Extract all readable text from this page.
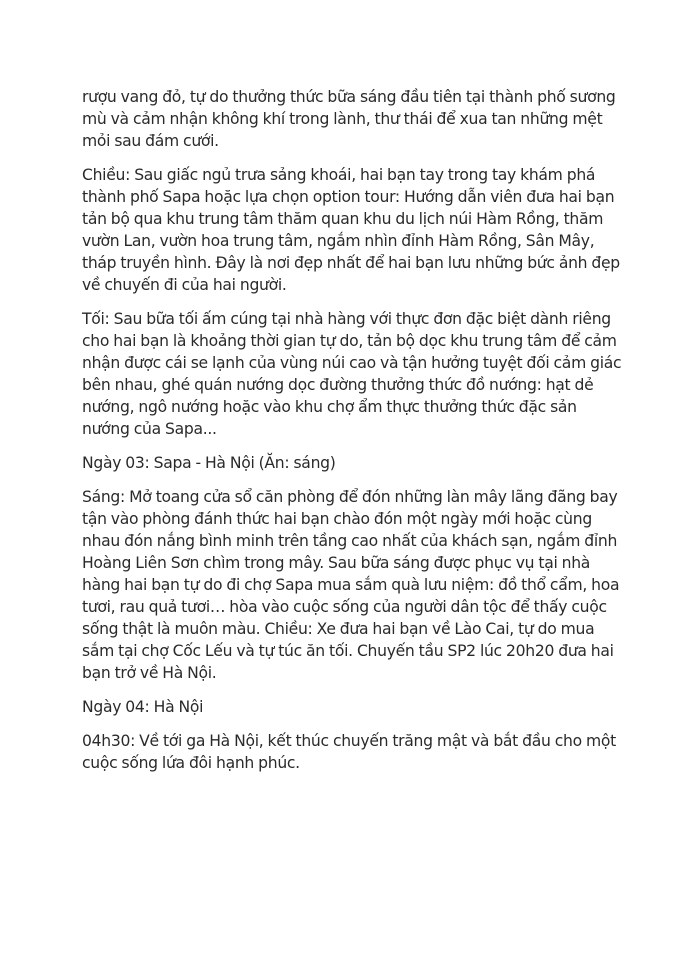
rượu vang đỏ, tự do thưởng thức bữa sáng đầu tiên tại thành phố sương mù và cảm nhận không khí trong lành, thư thái để xua tan những mệt mỏi sau đám cưới.

Chiều: Sau giấc ngủ trưa sảng khoái, hai bạn tay trong tay khám phá thành phố Sapa hoặc lựa chọn option tour: Hướng dẫn viên đưa hai bạn tản bộ qua khu trung tâm thăm quan khu du lịch núi Hàm Rồng, thăm vườn Lan, vườn hoa trung tâm, ngắm nhìn đỉnh Hàm Rồng, Sân Mây, tháp truyền hình. Đây là nơi đẹp nhất để hai bạn lưu những bức ảnh đẹp về chuyến đi của hai người.

Tối: Sau bữa tối ấm cúng tại nhà hàng với thực đơn đặc biệt dành riêng cho hai bạn là khoảng thời gian tự do, tản bộ dọc khu trung tâm để cảm nhận được cái se lạnh của vùng núi cao và tận hưởng tuyệt đối cảm giác bên nhau, ghé quán nướng dọc đường thưởng thức đồ nướng: hạt dẻ nướng, ngô nướng hoặc vào khu chợ ẩm thực thưởng thức đặc sản nướng của Sapa...

Ngày 03: Sapa - Hà Nội (Ăn: sáng)

Sáng: Mở toang cửa sổ căn phòng để đón những làn mây lãng đãng bay tận vào phòng đánh thức hai bạn chào đón một ngày mới hoặc cùng nhau đón nắng bình minh trên tầng cao nhất của khách sạn, ngắm đỉnh Hoàng Liên Sơn chìm trong mây. Sau bữa sáng được phục vụ tại nhà hàng hai bạn tự do đi chợ Sapa mua sắm quà lưu niệm: đồ thổ cẩm, hoa tươi, rau quả tươi… hòa vào cuộc sống của người dân tộc để thấy cuộc sống thật là muôn màu. Chiều: Xe đưa hai bạn về Lào Cai, tự do mua sắm tại chợ Cốc Lếu và tự túc ăn tối. Chuyến tầu SP2 lúc 20h20 đưa hai bạn trở về Hà Nội.

Ngày 04: Hà Nội

04h30: Về tới ga Hà Nội, kết thúc chuyến trăng mật và bắt đầu cho một cuộc sống lứa đôi hạnh phúc.
